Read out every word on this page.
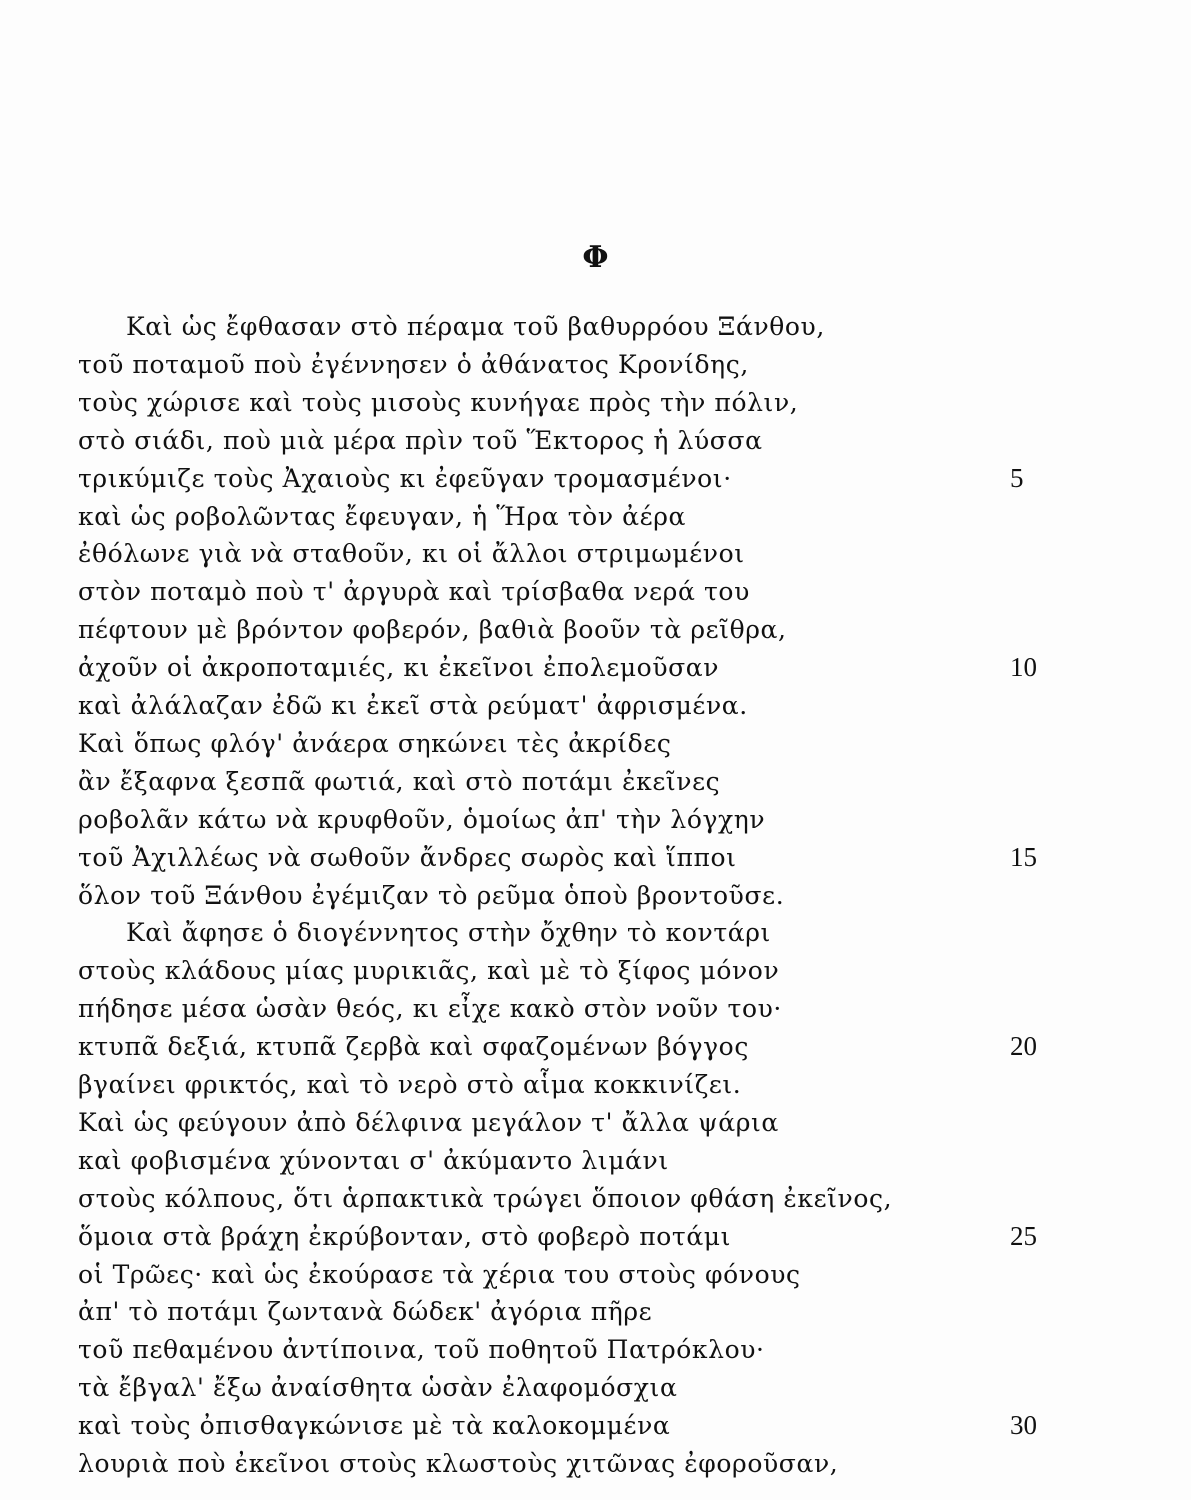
Φ
Καὶ ὡς ἔφθασαν στὸ πέραμα τοῦ βαθυρρόου Ξάνθου,
τοῦ ποταμοῦ ποὺ ἐγέννησεν ὁ ἀθάνατος Κρονίδης,
τοὺς χώρισε καὶ τοὺς μισοὺς κυνήγαε πρὸς τὴν πόλιν,
στὸ σιάδι, ποὺ μιὰ μέρα πρὶν τοῦ Ἕκτορος ἡ λύσσα
τρικύμιζε τοὺς Ἀχαιοὺς κι ἐφεῦγαν τρομασμένοι·	5
καὶ ὡς ροβολῶντας ἔφευγαν, ἡ Ἥρα τὸν ἀέρα
ἐθόλωνε γιὰ νὰ σταθοῦν, κι οἱ ἄλλοι στριμωμένοι
στὸν ποταμὸ ποὺ τ' ἀργυρὰ καὶ τρίσβαθα νερά του
πέφτουν μὲ βρόντον φοβερόν, βαθιὰ βοοῦν τὰ ρεῖθρα,
ἀχοῦν οἱ ἀκροποταμιές, κι ἐκεῖνοι ἐπολεμοῦσαν	10
καὶ ἀλάλαζαν ἐδῶ κι ἐκεῖ στὰ ρεύματ' ἀφρισμένα.
Καὶ ὅπως φλόγ' ἀνάερα σηκώνει τὲς ἀκρίδες
ἂν ἔξαφνα ξεσπᾶ φωτιά, καὶ στὸ ποτάμι ἐκεῖνες
ροβολᾶν κάτω νὰ κρυφθοῦν, ὁμοίως ἀπ' τὴν λόγχην
τοῦ Ἀχιλλέως νὰ σωθοῦν ἄνδρες σωρὸς καὶ ἵπποι	15
ὅλον τοῦ Ξάνθου ἐγέμιζαν τὸ ρεῦμα ὁποὺ βροντοῦσε.
Καὶ ἄφησε ὁ διογέννητος στὴν ὄχθην τὸ κοντάρι
στοὺς κλάδους μίας μυρικιᾶς, καὶ μὲ τὸ ξίφος μόνον
πήδησε μέσα ὡσὰν θεός, κι εἶχε κακὸ στὸν νοῦν του·
κτυπᾶ δεξιά, κτυπᾶ ζερβὰ καὶ σφαζομένων βόγγος	20
βγαίνει φρικτός, καὶ τὸ νερὸ στὸ αἷμα κοκκινίζει.
Καὶ ὡς φεύγουν ἀπὸ δέλφινα μεγάλον τ' ἄλλα ψάρια
καὶ φοβισμένα χύνονται σ' ἀκύμαντο λιμάνι
στοὺς κόλπους, ὅτι ἁρπακτικὰ τρώγει ὅποιον φθάση ἐκεῖνος,
ὅμοια στὰ βράχη ἐκρύβονταν, στὸ φοβερὸ ποτάμι	25
οἱ Τρῶες· καὶ ὡς ἐκούρασε τὰ χέρια του στοὺς φόνους
ἀπ' τὸ ποτάμι ζωντανὰ δώδεκ' ἀγόρια πῆρε
τοῦ πεθαμένου ἀντίποινα, τοῦ ποθητοῦ Πατρόκλου·
τὰ ἔβγαλ' ἔξω ἀναίσθητα ὡσὰν ἐλαφομόσχια
καὶ τοὺς ὀπισθαγκώνισε μὲ τὰ καλοκομμένα	30
λουριὰ ποὺ ἐκεῖνοι στοὺς κλωστοὺς χιτῶνας ἐφοροῦσαν,
